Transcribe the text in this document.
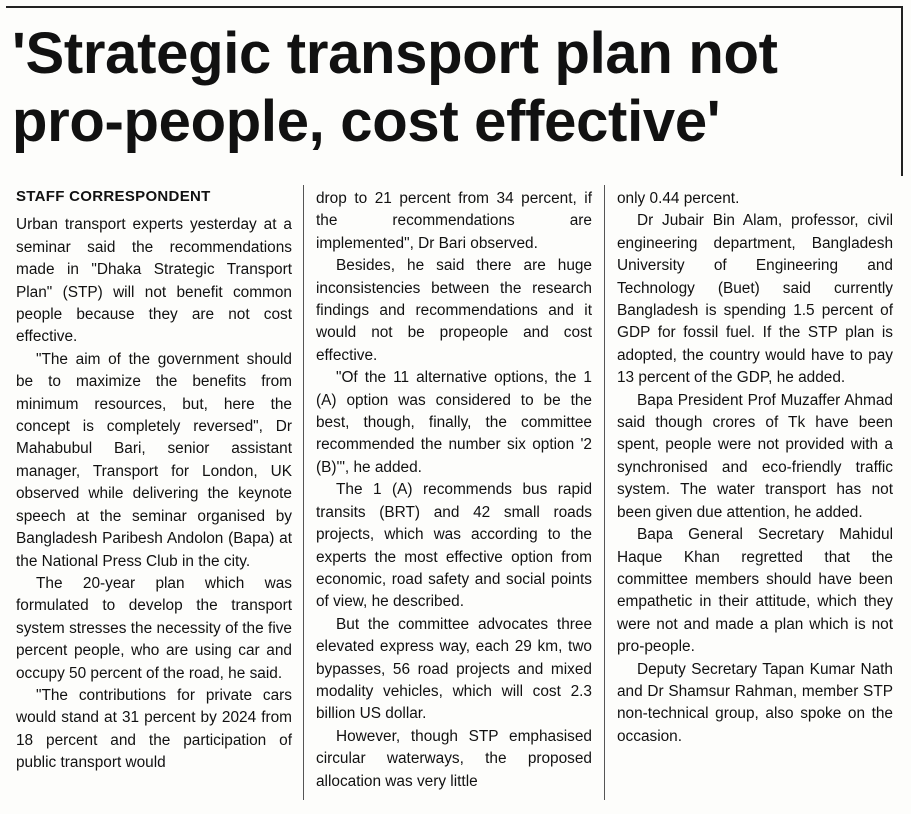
'Strategic transport plan not pro-people, cost effective'
STAFF CORRESPONDENT

Urban transport experts yesterday at a seminar said the recommendations made in "Dhaka Strategic Transport Plan" (STP) will not benefit common people because they are not cost effective.

"The aim of the government should be to maximize the benefits from minimum resources, but, here the concept is completely reversed", Dr Mahabubul Bari, senior assistant manager, Transport for London, UK observed while delivering the keynote speech at the seminar organised by Bangladesh Paribesh Andolon (Bapa) at the National Press Club in the city.

The 20-year plan which was formulated to develop the transport system stresses the necessity of the five percent people, who are using car and occupy 50 percent of the road, he said.

"The contributions for private cars would stand at 31 percent by 2024 from 18 percent and the participation of public transport would

drop to 21 percent from 34 percent, if the recommendations are implemented", Dr Bari observed.

Besides, he said there are huge inconsistencies between the research findings and recommendations and it would not be propeople and cost effective.

"Of the 11 alternative options, the 1 (A) option was considered to be the best, though, finally, the committee recommended the number six option '2 (B)'", he added.

The 1 (A) recommends bus rapid transits (BRT) and 42 small roads projects, which was according to the experts the most effective option from economic, road safety and social points of view, he described.

But the committee advocates three elevated express way, each 29 km, two bypasses, 56 road projects and mixed modality vehicles, which will cost 2.3 billion US dollar.

However, though STP emphasised circular waterways, the proposed allocation was very little

only 0.44 percent.

Dr Jubair Bin Alam, professor, civil engineering department, Bangladesh University of Engineering and Technology (Buet) said currently Bangladesh is spending 1.5 percent of GDP for fossil fuel. If the STP plan is adopted, the country would have to pay 13 percent of the GDP, he added.

Bapa President Prof Muzaffer Ahmad said though crores of Tk have been spent, people were not provided with a synchronised and eco-friendly traffic system. The water transport has not been given due attention, he added.

Bapa General Secretary Mahidul Haque Khan regretted that the committee members should have been empathetic in their attitude, which they were not and made a plan which is not pro-people.

Deputy Secretary Tapan Kumar Nath and Dr Shamsur Rahman, member STP non-technical group, also spoke on the occasion.
